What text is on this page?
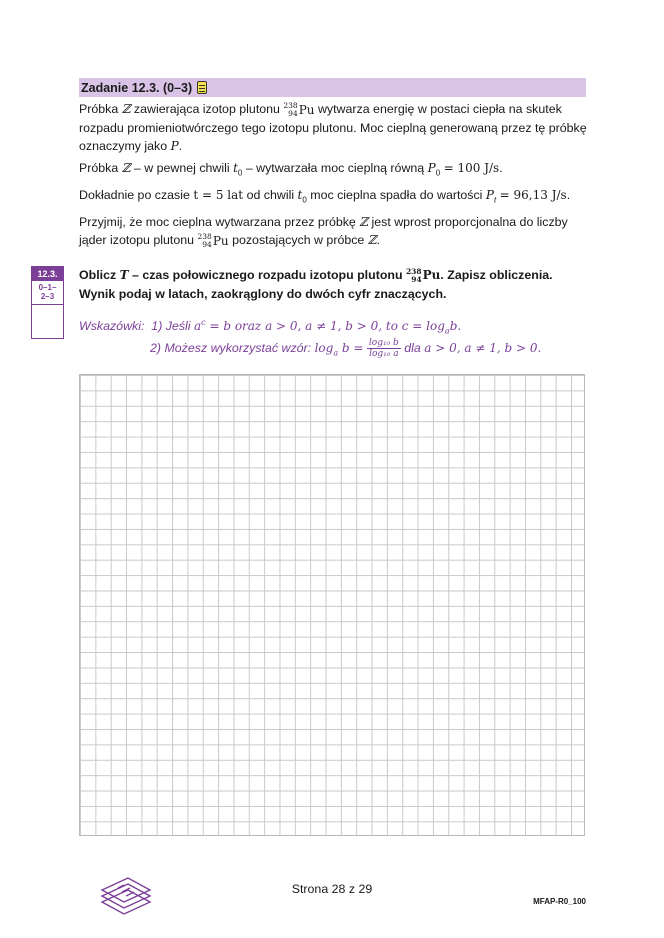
Zadanie 12.3. (0–3)
Próbka ℤ zawierająca izotop plutonu 238
94 Pu wytwarza energię w postaci ciepła na skutek rozpadu promieniotwórczego tego izotopu plutonu. Moc cieplną generowaną przez tę próbkę oznaczymy jako P.
Próbka ℤ – w pewnej chwili $t_0$ – wytwarzała moc cieplną równą $P_0 = 100$ J/s.
Dokładnie po czasie t = 5 lat od chwili $t_0$ moc cieplna spadła do wartości $P_t = 96,13$ J/s.
Przyjmij, że moc cieplna wytwarzana przez próbkę ℤ jest wprost proporcjonalna do liczby jąder izotopu plutonu 238
94 Pu pozostających w próbce ℤ.
12.3.
0–1–
2–3
Oblicz T – czas połowicznego rozpadu izotopu plutonu 238
94 Pu . Zapisz obliczenia. Wynik podaj w latach, zaokrąglony do dwóch cyfr znaczących.
Wskazówki: 1) Jeśli $a^c = b$ oraz a > 0, a ≠ 1, b > 0, to $c = \log_ab$.
2) Możesz wykorzystać wzór: $\log_a b = \frac{\text{log₁₀ b}}{\text{log₁₀ a}}$ dla a > 0, a ≠ 1, b > 0.
Strona 28 z 29
MFAP-R0_100
